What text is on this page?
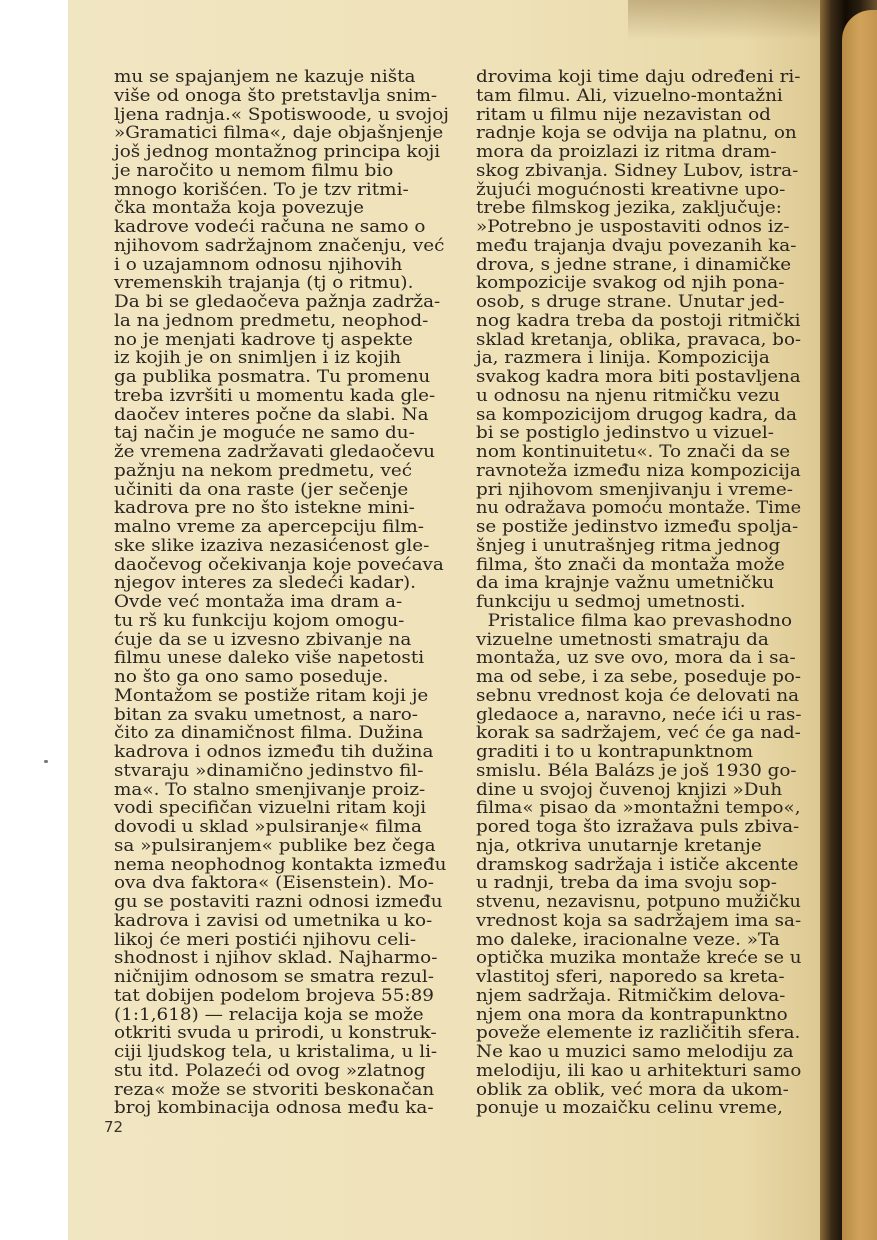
mu se spajanjem ne kazuje ništa
više od onoga što pretstavlja snim-
ljena radnja.« Spotiswoode, u svojoj
»Gramatici filma«, daje objašnjenje
još jednog montažnog principa koji
je naročito u nemom filmu bio
mnogo korišćen. To je tzv ritmi-
čka montaža koja povezuje
kadrove vodeći računa ne samo o
njihovom sadržajnom značenju, već
i o uzajamnom odnosu njihovih
vremenskih trajanja (tj o ritmu).
Da bi se gledaočeva pažnja zadrža-
la na jednom predmetu, neophod-
no je menjati kadrove tj aspekte
iz kojih je on snimljen i iz kojih
ga publika posmatra. Tu promenu
treba izvršiti u momentu kada gle-
daočev interes počne da slabi. Na
taj način je moguće ne samo du-
že vremena zadržavati gledaočevu
pažnju na nekom predmetu, već
učiniti da ona raste (jer sečenje
kadrova pre no što istekne mini-
malno vreme za apercepciju film-
ske slike izaziva nezasićenost gle-
daočevog očekivanja koje povećava
njegov interes za sledeći kadar).
Ovde već montaža ima dram a-
tu rš ku funkciju kojom omogu-
ćuje da se u izvesno zbivanje na
filmu unese daleko više napetosti
no što ga ono samo poseduje.
Montažom se postiže ritam koji je
bitan za svaku umetnost, a naro-
čito za dinamičnost filma. Dužina
kadrova i odnos između tih dužina
stvaraju »dinamično jedinstvo fil-
ma«. To stalno smenjivanje proiz-
vodi specifičan vizuelni ritam koji
dovodi u sklad »pulsiranje« filma
sa »pulsiranjem« publike bez čega
nema neophodnog kontakta između
ova dva faktora« (Eisenstein). Mo-
gu se postaviti razni odnosi između
kadrova i zavisi od umetnika u ko-
likoj će meri postići njihovu celi-
shodnost i njihov sklad. Najharmo-
ničnijim odnosom se smatra rezul-
tat dobijen podelom brojeva 55:89
(1:1,618) — relacija koja se može
otkriti svuda u prirodi, u konstruk-
ciji ljudskog tela, u kristalima, u li-
stu itd. Polazeći od ovog »zlatnog
reza« može se stvoriti beskonačan
broj kombinacija odnosa među ka-
drovima koji time daju određeni ri-
tam filmu. Ali, vizuelno-montažni
ritam u filmu nije nezavistan od
radnje koja se odvija na platnu, on
mora da proizlazi iz ritma dram-
skog zbivanja. Sidney Lubov, istra-
žujući mogućnosti kreativne upo-
trebe filmskog jezika, zaključuje:
»Potrebno je uspostaviti odnos iz-
među trajanja dvaju povezanih ka-
drova, s jedne strane, i dinamičke
kompozicije svakog od njih pona-
osob, s druge strane. Unutar jed-
nog kadra treba da postoji ritmički
sklad kretanja, oblika, pravaca, bo-
ja, razmera i linija. Kompozicija
svakog kadra mora biti postavljena
u odnosu na njenu ritmičku vezu
sa kompozicijom drugog kadra, da
bi se postiglo jedinstvo u vizuel-
nom kontinuitetu«. To znači da se
ravnoteža između niza kompozicija
pri njihovom smenjivanju i vreme-
nu odražava pomoću montaže. Time
se postiže jedinstvo između spolja-
šnjeg i unutrašnjeg ritma jednog
filma, što znači da montaža može
da ima krajnje važnu umetničku
funkciju u sedmoj umetnosti.
Pristalice filma kao prevashodno
vizuelne umetnosti smatraju da
montaža, uz sve ovo, mora da i sa-
ma od sebe, i za sebe, poseduje po-
sebnu vrednost koja će delovati na
gledaoce a, naravno, neće ići u ras-
korak sa sadržajem, već će ga nad-
graditi i to u kontrapunktnom
smislu. Béla Balázs je još 1930 go-
dine u svojoj čuvenoj knjizi »Duh
filma« pisao da »montažni tempo«,
pored toga što izražava puls zbiva-
nja, otkriva unutarnje kretanje
dramskog sadržaja i ističe akcente
u radnji, treba da ima svoju sop-
stvenu, nezavisnu, potpuno mužičku
vrednost koja sa sadržajem ima sa-
mo daleke, iracionalne veze. »Ta
optička muzika montaže kreće se u
vlastitoj sferi, naporedo sa kreta-
njem sadržaja. Ritmičkim delova-
njem ona mora da kontrapunktno
poveže elemente iz različitih sfera.
Ne kao u muzici samo melodiju za
melodiju, ili kao u arhitekturi samo
oblik za oblik, već mora da ukom-
ponuje u mozaičku celinu vreme,
72
